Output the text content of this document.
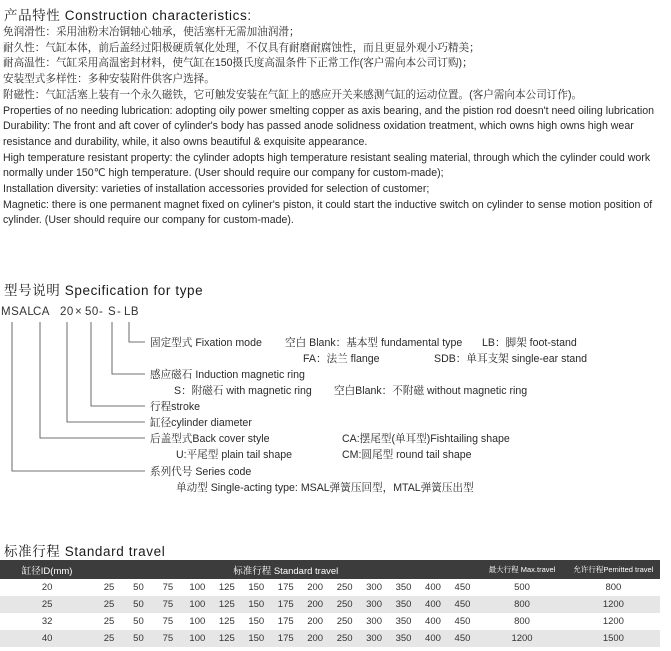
产品特性 Construction characteristics:

免润滑性：采用油粉末冶铜轴心轴承，使活塞杆无需加油润滑；

耐久性：气缸本体，前后盖经过阳极硬质氧化处理，不仅具有耐磨耐腐蚀性，而且更显外观小巧精美；

耐高温性：气缸采用高温密封材料，使气缸在150摄氏度高温条件下正常工作(客户需向本公司订购)；

安装型式多样性：多种安装附件供客户选择。

附磁性：气缸活塞上装有一个永久磁铁，它可触发安装在气缸上的感应开关来感测气缸的运动位置。(客户需向本公司订作)。

Properties of no needing lubrication: adopting oily power smelting copper as axis bearing, and the pistion rod doesn't need oiling lubrication

Durability: The front and aft cover of cylinder's body has passed anode solidness oxidation treatment, which owns high owns high wear

resistance and durability, while, it also owns beautiful & exquisite appearance.

High temperature resistant property: the cylinder adopts high temperature resistant sealing material, through which the cylinder could work

normally under 150℃ high temperature. (User should require our company for custom-made);

Installation diversity: varieties of installation accessories provided for selection of customer;

Magnetic: there is one permanent magnet fixed on cyliner's piston, it could start the inductive switch on cylinder to sense motion position of

cylinder. (User should require our company for custom-made).

型号说明 Specification for type
MSAL
CA 20 × 50 - S - LB
固定型式 Fixation mode 空白 Blank：基本型 fundamental type LB：脚架 foot-stand
FA：法兰 flange	SDB：单耳支架 single-ear stand
感应磁石 Induction magnetic ring
S：附磁石 with magnetic ring 空白Blank：不附磁 without magnetic ring
行程stroke
缸径cylinder diameter
后盖型式Back cover style	CA:摆尾型(单耳型)Fishtailing shape
U:平尾型 plain tail shape	CM:圆尾型 round tail shape
系列代号 Series code
单动型 Single-acting type: MSAL弹簧压回型，MTAL弹簧压出型
标准行程 Standard travel
缸径ID(mm)	标准行程 Standard travel													最大行程 Max.travel	允许行程Pemitted travel
20	25	50	75	100	125	150	175	200	250	300	350	400	450	500	800
25	25	50	75	100	125	150	175	200	250	300	350	400	450	800	1200
32	25	50	75	100	125	150	175	200	250	300	350	400	450	800	1200
40	25	50	75	100	125	150	175	200	250	300	350	400	450	1200	1500
